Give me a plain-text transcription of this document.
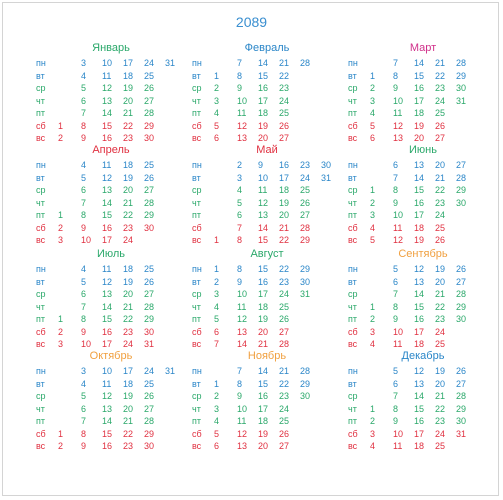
2089
Январь
пн	3 10 17 24 31
вт	4 11 18 25
ср	5 12 19 26
чт	6 13 20 27
пт	7 14 21 28
сб 1 8 15 22 29
вс 2 9 16 23 30
Февраль
пн	7 14 21 28
вт 1 8 15 22
ср 2 9 16 23
чт 3 10 17 24
пт 4 11 18 25
сб 5 12 19 26
вс 6 13 20 27
Март
пн	7 14 21 28
вт 1 8 15 22 29
ср 2 9 16 23 30
чт 3 10 17 24 31
пт 4 11 18 25
сб 5 12 19 26
вс 6 13 20 27
Апрель
пн	4 11 18 25
вт	5 12 19 26
ср	6 13 20 27
чт	7 14 21 28
пт 1 8 15 22 29
сб 2 9 16 23 30
вс 3 10 17 24
Май
пн	2 9 16 23 30
вт	3 10 17 24 31
ср	4 11 18 25
чт	5 12 19 26
пт	6 13 20 27
сб	7 14 21 28
вс 1 8 15 22 29
Июнь
пн	6 13 20 27
вт	7 14 21 28
ср 1 8 15 22 29
чт 2 9 16 23 30
пт 3 10 17 24
сб 4 11 18 25
вс 5 12 19 26
Июль
пн	4 11 18 25
вт	5 12 19 26
ср	6 13 20 27
чт	7 14 21 28
пт 1 8 15 22 29
сб 2 9 16 23 30
вс 3 10 17 24 31
Август
пн 1 8 15 22 29
вт 2 9 16 23 30
ср 3 10 17 24 31
чт 4 11 18 25
пт 5 12 19 26
сб 6 13 20 27
вс 7 14 21 28
Сентябрь
пн	5 12 19 26
вт	6 13 20 27
ср	7 14 21 28
чт 1 8 15 22 29
пт 2 9 16 23 30
сб 3 10 17 24
вс 4 11 18 25
Октябрь
пн	3 10 17 24 31
вт	4 11 18 25
ср	5 12 19 26
чт	6 13 20 27
пт	7 14 21 28
сб 1 8 15 22 29
вс 2 9 16 23 30
Ноябрь
пн	7 14 21 28
вт 1 8 15 22 29
ср 2 9 16 23 30
чт 3 10 17 24
пт 4 11 18 25
сб 5 12 19 26
вс 6 13 20 27
Декабрь
пн	5 12 19 26
вт	6 13 20 27
ср	7 14 21 28
чт 1 8 15 22 29
пт 2 9 16 23 30
сб 3 10 17 24 31
вс 4 11 18 25
